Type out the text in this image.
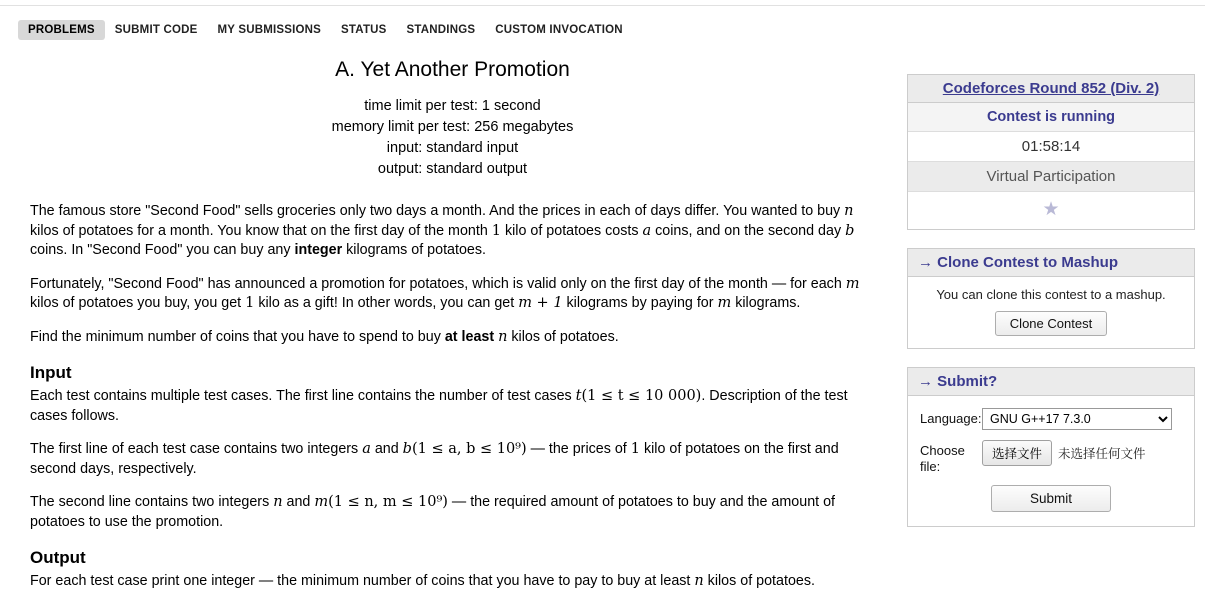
PROBLEMS	SUBMIT CODE	MY SUBMISSIONS	STATUS	STANDINGS	CUSTOM INVOCATION
A. Yet Another Promotion
time limit per test: 1 second
memory limit per test: 256 megabytes
input: standard input
output: standard output

The famous store "Second Food" sells groceries only two days a month. And the prices in each of days differ. You wanted to buy n kilos of potatoes for a month. You know that on the first day of the month 1 kilo of potatoes costs a coins, and on the second day b coins. In "Second Food" you can buy any integer kilograms of potatoes.

Fortunately, "Second Food" has announced a promotion for potatoes, which is valid only on the first day of the month — for each m kilos of potatoes you buy, you get 1 kilo as a gift! In other words, you can get m + 1 kilograms by paying for m kilograms.

Find the minimum number of coins that you have to spend to buy at least n kilos of potatoes.

Input

Each test contains multiple test cases. The first line contains the number of test cases t(1 ≤ t ≤ 10 000). Description of the test cases follows.

The first line of each test case contains two integers a and b(1 ≤ a, b ≤ 10⁹) — the prices of 1 kilo of potatoes on the first and second days, respectively.

The second line contains two integers n and m(1 ≤ n, m ≤ 10⁹) — the required amount of potatoes to buy and the amount of potatoes to use the promotion.

Output

For each test case print one integer — the minimum number of coins that you have to pay to buy at least n kilos of potatoes.

Codeforces Round 852 (Div. 2)
Contest is running
01:58:14
Virtual Participation
★
→ Clone Contest to Mashup

You can clone this contest to a mashup.

Clone Contest
→ Submit?
Language:
GNU G++17 7.3.0
Choose file:
选择文件	未选择任何文件
Submit
